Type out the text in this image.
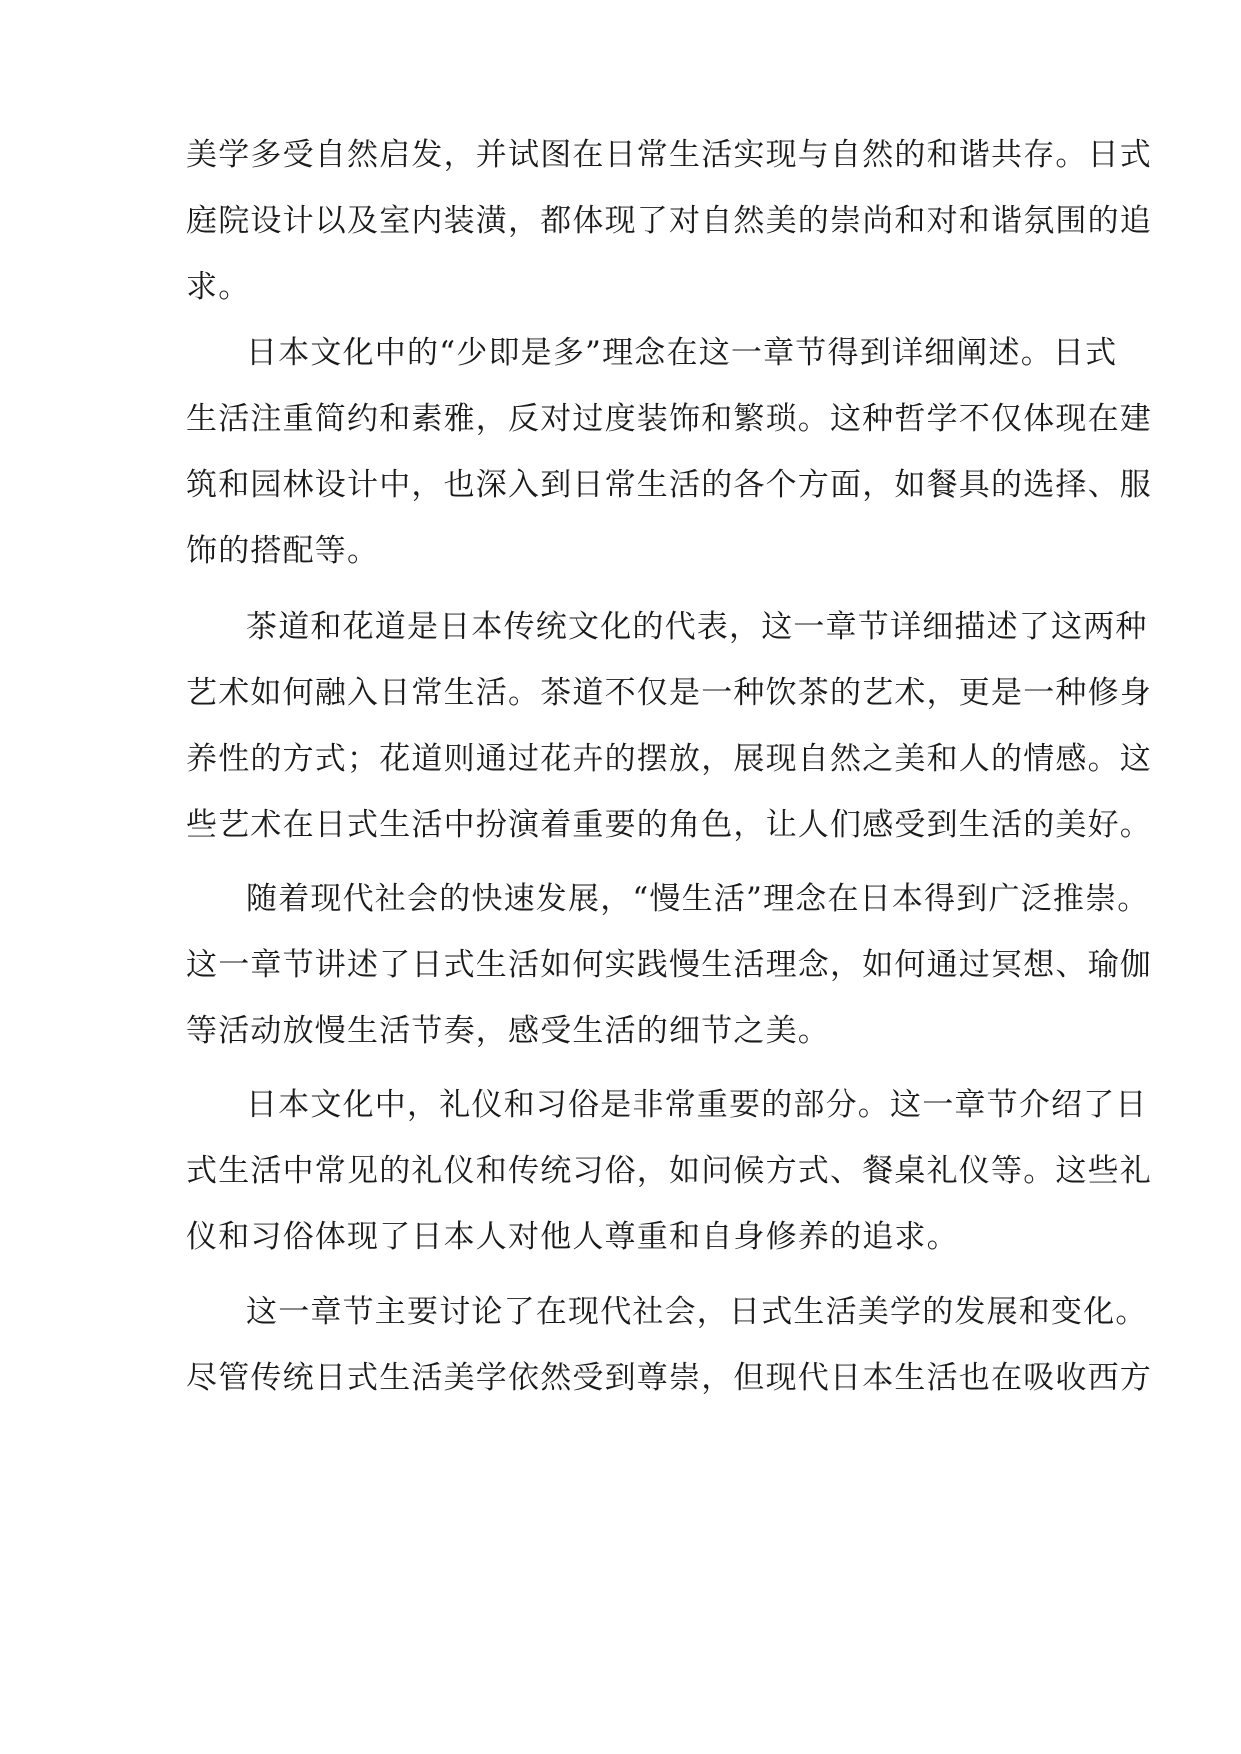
美学多受自然启发，并试图在日常生活实现与自然的和谐共存。日式
庭院设计以及室内装潢，都体现了对自然美的崇尚和对和谐氛围的追
求。
日本文化中的“少即是多”理念在这一章节得到详细阐述。日式
生活注重简约和素雅，反对过度装饰和繁琐。这种哲学不仅体现在建
筑和园林设计中，也深入到日常生活的各个方面，如餐具的选择、服
饰的搭配等。
茶道和花道是日本传统文化的代表，这一章节详细描述了这两种
艺术如何融入日常生活。茶道不仅是一种饮茶的艺术，更是一种修身
养性的方式；花道则通过花卉的摆放，展现自然之美和人的情感。这
些艺术在日式生活中扮演着重要的角色，让人们感受到生活的美好。
随着现代社会的快速发展，“慢生活”理念在日本得到广泛推崇。
这一章节讲述了日式生活如何实践慢生活理念，如何通过冥想、瑜伽
等活动放慢生活节奏，感受生活的细节之美。
日本文化中，礼仪和习俗是非常重要的部分。这一章节介绍了日
式生活中常见的礼仪和传统习俗，如问候方式、餐桌礼仪等。这些礼
仪和习俗体现了日本人对他人尊重和自身修养的追求。
这一章节主要讨论了在现代社会，日式生活美学的发展和变化。
尽管传统日式生活美学依然受到尊崇，但现代日本生活也在吸收西方
